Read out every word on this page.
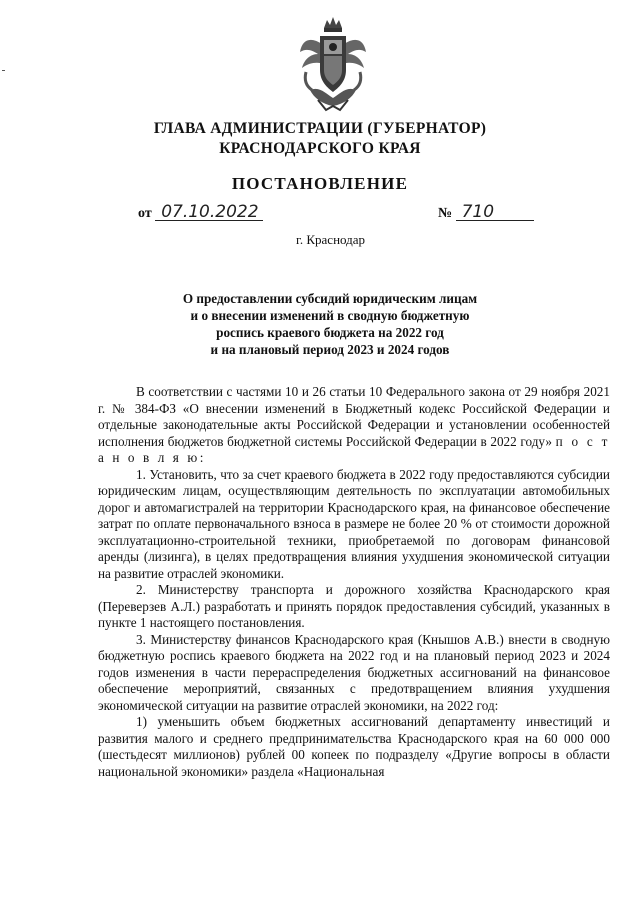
ГЛАВА АДМИНИСТРАЦИИ (ГУБЕРНАТОР)
КРАСНОДАРСКОГО КРАЯ
ПОСТАНОВЛЕНИЕ
от 07.10.2022	№ 710
г. Краснодар
О предоставлении субсидий юридическим лицам
и о внесении изменений в сводную бюджетную
роспись краевого бюджета на 2022 год
и на плановый период 2023 и 2024 годов

В соответствии с частями 10 и 26 статьи 10 Федерального закона от 29 ноября 2021 г. № 384-ФЗ «О внесении изменений в Бюджетный кодекс Российской Федерации и отдельные законодательные акты Российской Федерации и установлении особенностей исполнения бюджетов бюджетной системы Российской Федерации в 2022 году» п о с т а н о в л я ю:

1. Установить, что за счет краевого бюджета в 2022 году предоставляются субсидии юридическим лицам, осуществляющим деятельность по эксплуатации автомобильных дорог и автомагистралей на территории Краснодарского края, на финансовое обеспечение затрат по оплате первоначального взноса в размере не более 20 % от стоимости дорожной эксплуатационно-строительной техники, приобретаемой по договорам финансовой аренды (лизинга), в целях предотвращения влияния ухудшения экономической ситуации на развитие отраслей экономики.

2. Министерству транспорта и дорожного хозяйства Краснодарского края (Переверзев А.Л.) разработать и принять порядок предоставления субсидий, указанных в пункте 1 настоящего постановления.

3. Министерству финансов Краснодарского края (Кнышов А.В.) внести в сводную бюджетную роспись краевого бюджета на 2022 год и на плановый период 2023 и 2024 годов изменения в части перераспределения бюджетных ассигнований на финансовое обеспечение мероприятий, связанных с предотвращением влияния ухудшения экономической ситуации на развитие отраслей экономики, на 2022 год:

1) уменьшить объем бюджетных ассигнований департаменту инвестиций и развития малого и среднего предпринимательства Краснодарского края на 60 000 000 (шестьдесят миллионов) рублей 00 копеек по подразделу «Другие вопросы в области национальной экономики» раздела «Национальная
